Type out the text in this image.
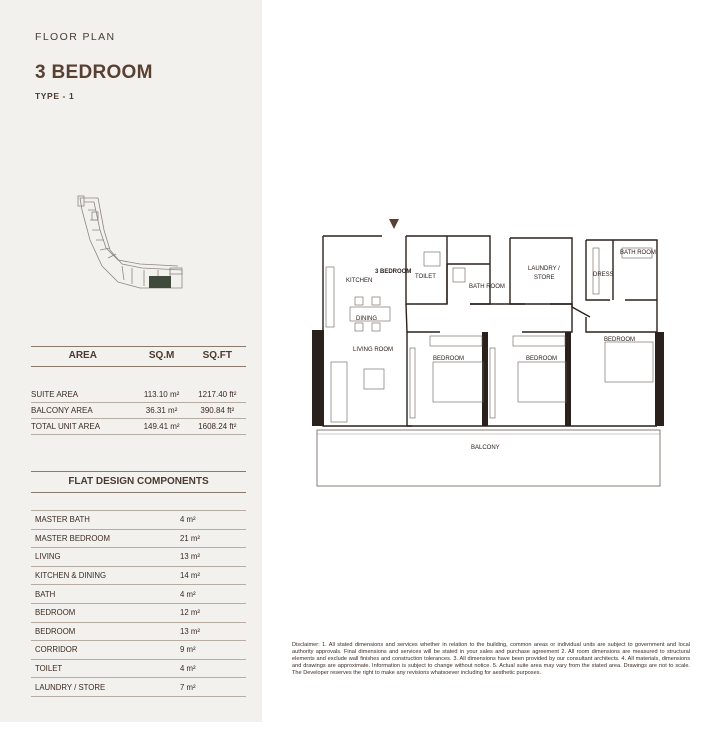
FLOOR PLAN
3 BEDROOM
TYPE - 1
AREA	SQ.M	SQ.FT

SUITE AREA	113.10 m²	1217.40 ft²
BALCONY AREA	36.31 m²	390.84 ft²
TOTAL UNIT AREA	149.41 m²	1608.24 ft²
FLAT DESIGN COMPONENTS
MASTER BATH	4 m²
MASTER BEDROOM	21 m²
LIVING	13 m²
KITCHEN & DINING	14 m²
BATH	4 m²
BEDROOM	12 m²
BEDROOM	13 m²
CORRIDOR	9 m²
TOILET	4 m²
LAUNDRY / STORE	7 m²
KITCHEN
3 BEDROOM
TOILET
BATH ROOM
LAUNDRY /
STORE	DRESS
BATH ROOM
DINING
LIVING ROOM
BEDROOM	BEDROOM
BEDROOM
BALCONY
Disclaimer: 1. All stated dimensions and services whether in relation to the building, common areas or individual units are subject to government and local authority approvals. Final dimensions and services will be stated in your sales and purchase agreement 2. All room dimensions are measured to structural elements and exclude wall finishes and construction tolerances. 3. All dimensions have been provided by our consultant architects. 4. All materials, dimensions and drawings are approximate. Information is subject to change without notice. 5. Actual suite area may vary from the stated area. Drawings are not to scale. The Developer reserves the right to make any revisions whatsoever including for aesthetic purposes.
